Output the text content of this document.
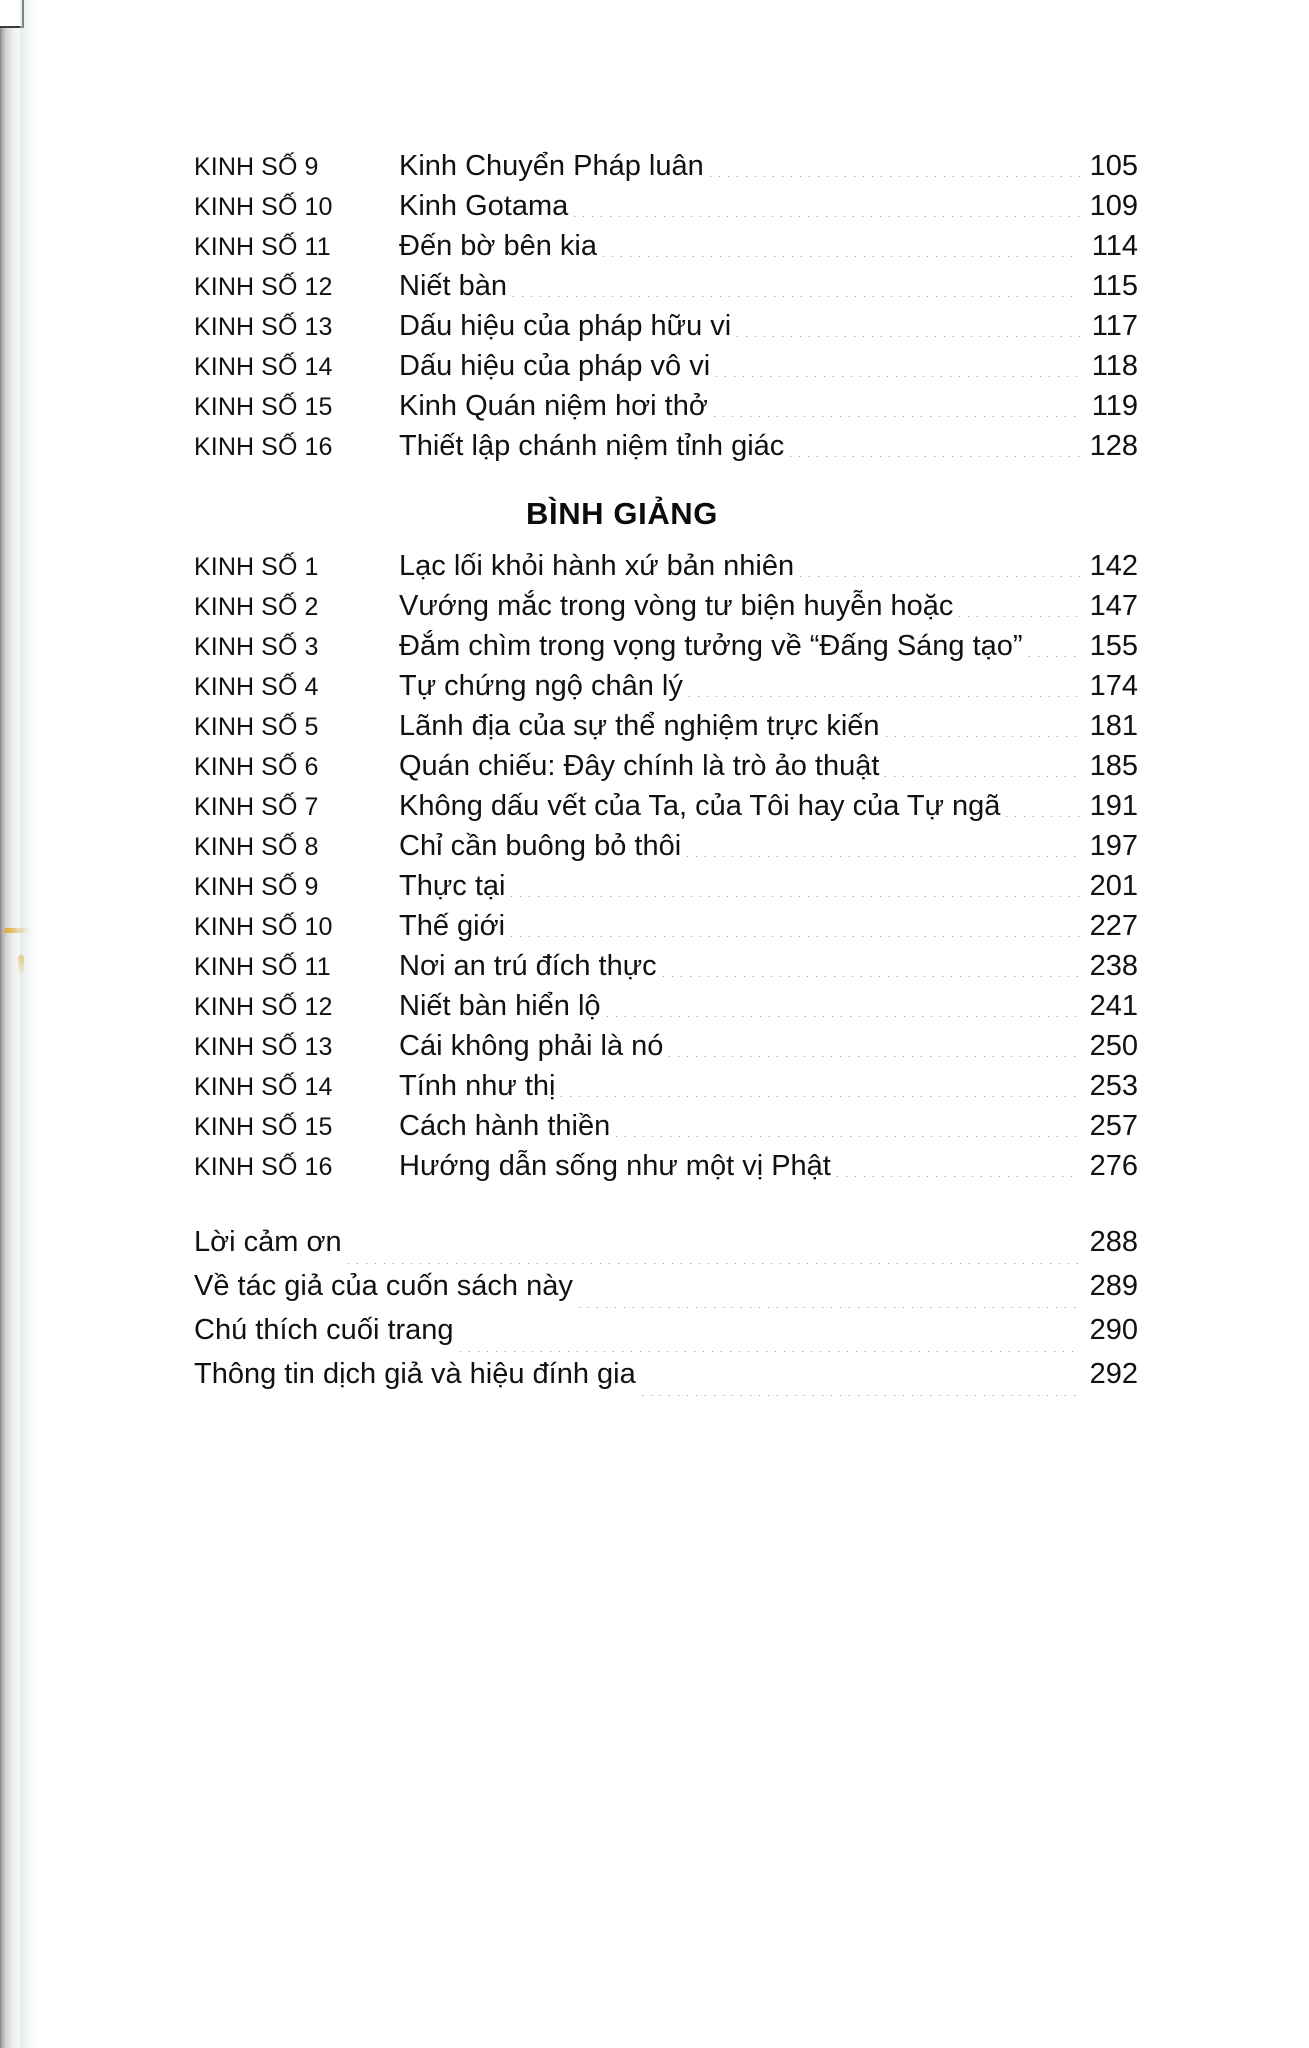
KINH SỐ 9	Kinh Chuyển Pháp luân	105
KINH SỐ 10	Kinh Gotama	109
KINH SỐ 11	Đến bờ bên kia	114
KINH SỐ 12	Niết bàn	115
KINH SỐ 13	Dấu hiệu của pháp hữu vi	117
KINH SỐ 14	Dấu hiệu của pháp vô vi	118
KINH SỐ 15	Kinh Quán niệm hơi thở	119
KINH SỐ 16	Thiết lập chánh niệm tỉnh giác	128
BÌNH GIẢNG
KINH SỐ 1	Lạc lối khỏi hành xứ bản nhiên	142
KINH SỐ 2	Vướng mắc trong vòng tư biện huyễn hoặc	147
KINH SỐ 3	Đắm chìm trong vọng tưởng về “Đấng Sáng tạo” 155
KINH SỐ 4	Tự chứng ngộ chân lý	174
KINH SỐ 5	Lãnh địa của sự thể nghiệm trực kiến	181
KINH SỐ 6	Quán chiếu: Đây chính là trò ảo thuật	185
KINH SỐ 7	Không dấu vết của Ta, của Tôi hay của Tự ngã	191
KINH SỐ 8	Chỉ cần buông bỏ thôi	197
KINH SỐ 9	Thực tại	201
KINH SỐ 10	Thế giới	227
KINH SỐ 11	Nơi an trú đích thực	238
KINH SỐ 12	Niết bàn hiển lộ	241
KINH SỐ 13	Cái không phải là nó	250
KINH SỐ 14	Tính như thị	253
KINH SỐ 15	Cách hành thiền	257
KINH SỐ 16	Hướng dẫn sống như một vị Phật	276
Lời cảm ơn	288
Về tác giả của cuốn sách này	289
Chú thích cuối trang	290
Thông tin dịch giả và hiệu đính gia	292
